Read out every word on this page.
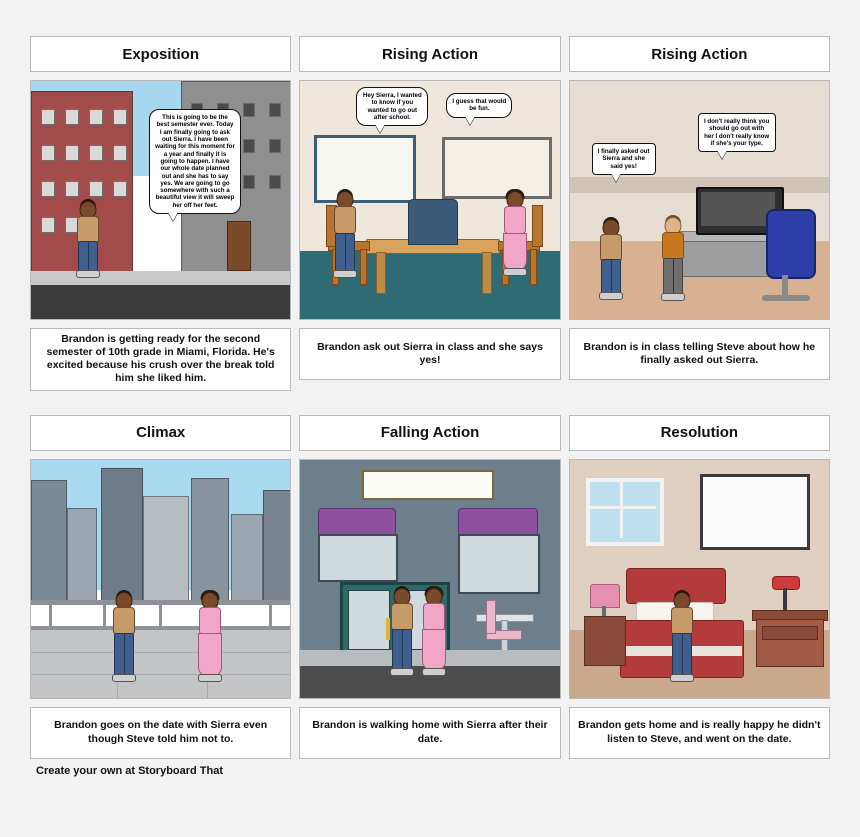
Exposition
This is going to be the best semester ever. Today I am finally going to ask out Sierra. I have been waiting for this moment for a year and finally it is going to happen. I have our whole date planned out and she has to say yes. We are going to go somewhere with such a beautiful view it will sweep her off her feet.
Brandon is getting ready for the second semester of 10th grade in Miami, Florida. He's excited because his crush over the break told him she liked him.
Rising Action
Hey Sierra, I wanted to know if you wanted to go out after school.
I guess that would be fun.
Brandon ask out Sierra in class and she says yes!
Rising Action
I finally asked out Sierra and she said yes!
I don't really think you should go out with her I don't really know if she's your type.
Brandon is in class telling Steve about how he finally asked out Sierra.
Climax
Brandon goes on the date with Sierra even though Steve told him not to.
Falling Action
Brandon is walking home with Sierra after their date.
Resolution
Brandon gets home and is really happy he didn't listen to Steve, and went on the date.
Create your own at Storyboard That
